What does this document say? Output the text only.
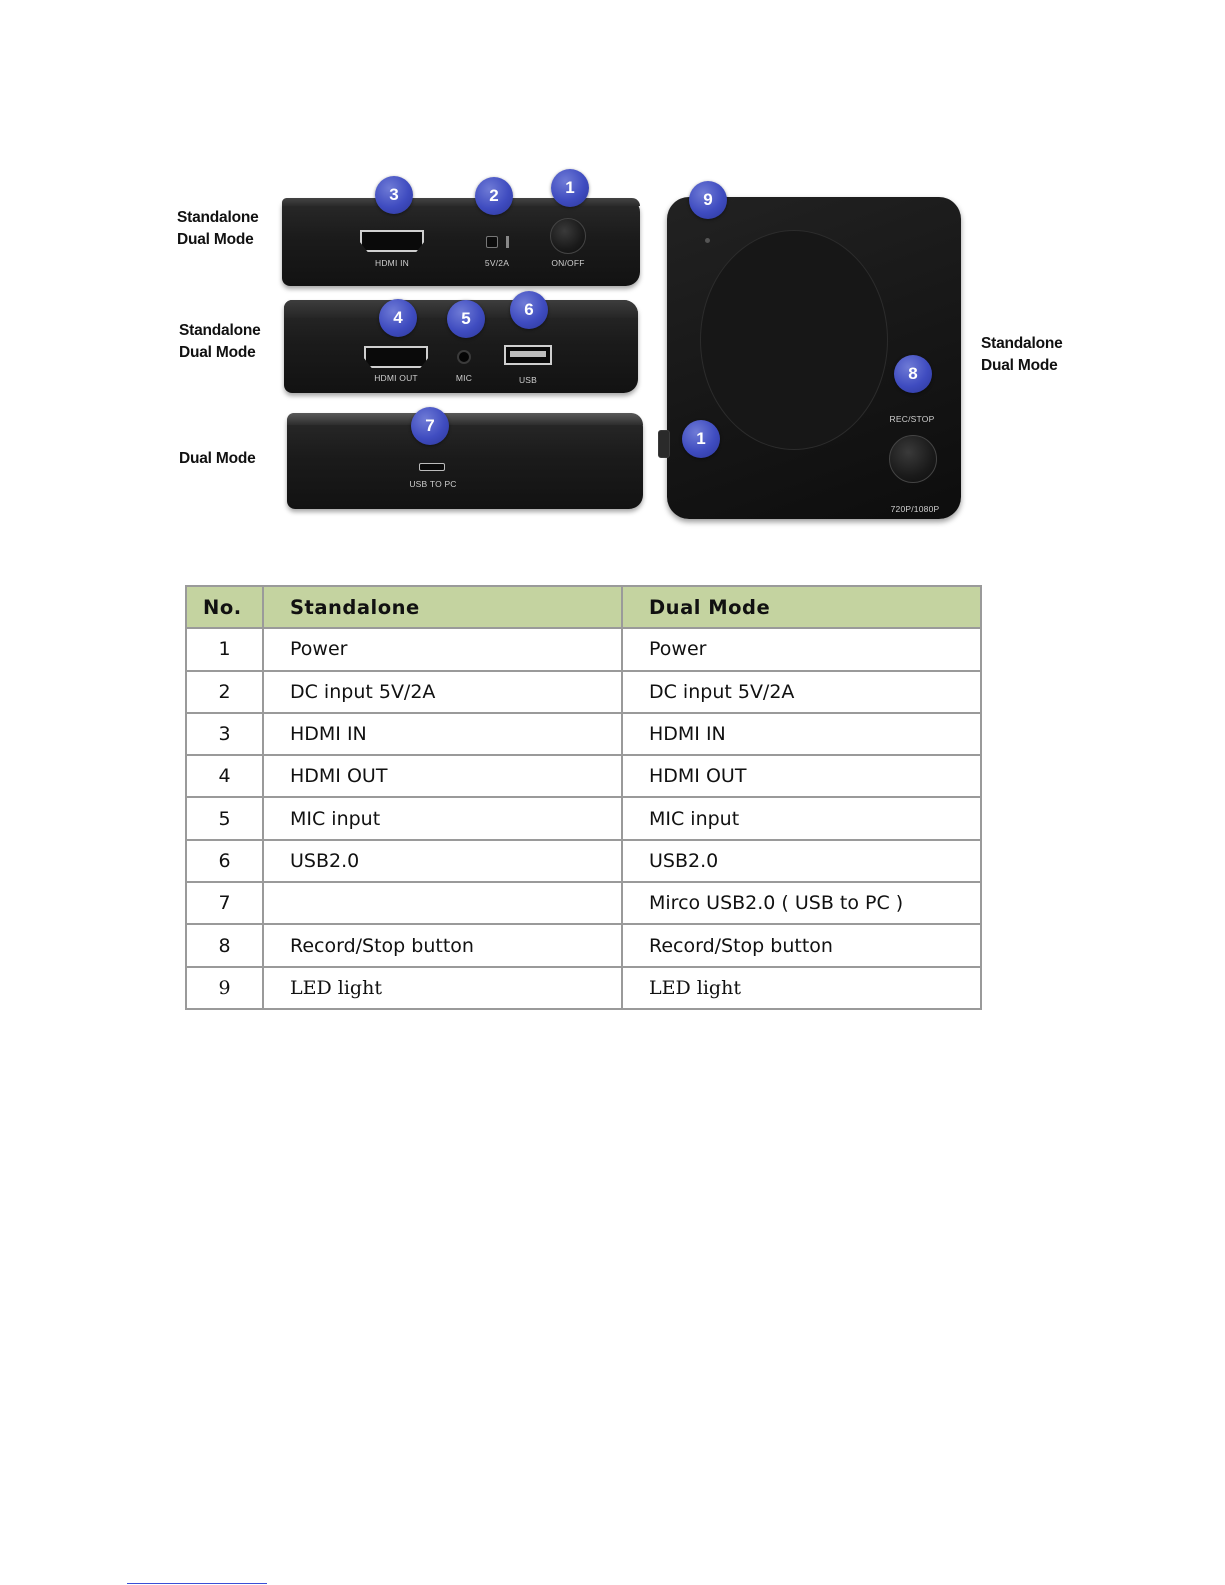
Standalone
Dual Mode
Standalone
Dual Mode
Dual Mode
Standalone
Dual Mode
HDMI IN	5V/2A	ON/OFF
HDMI OUT	MIC	USB
USB TO PC
REC/STOP
720P/1080P
3	2	1
4	5	6
7
9
8
1
No.	Standalone	Dual Mode
1	Power	Power
2	DC input 5V/2A	DC input 5V/2A
3	HDMI IN	HDMI IN
4	HDMI OUT	HDMI OUT
5	MIC input	MIC input
6	USB2.0	USB2.0
7		Mirco USB2.0 ( USB to PC )
8	Record/Stop button	Record/Stop button
9	LED light	LED light
